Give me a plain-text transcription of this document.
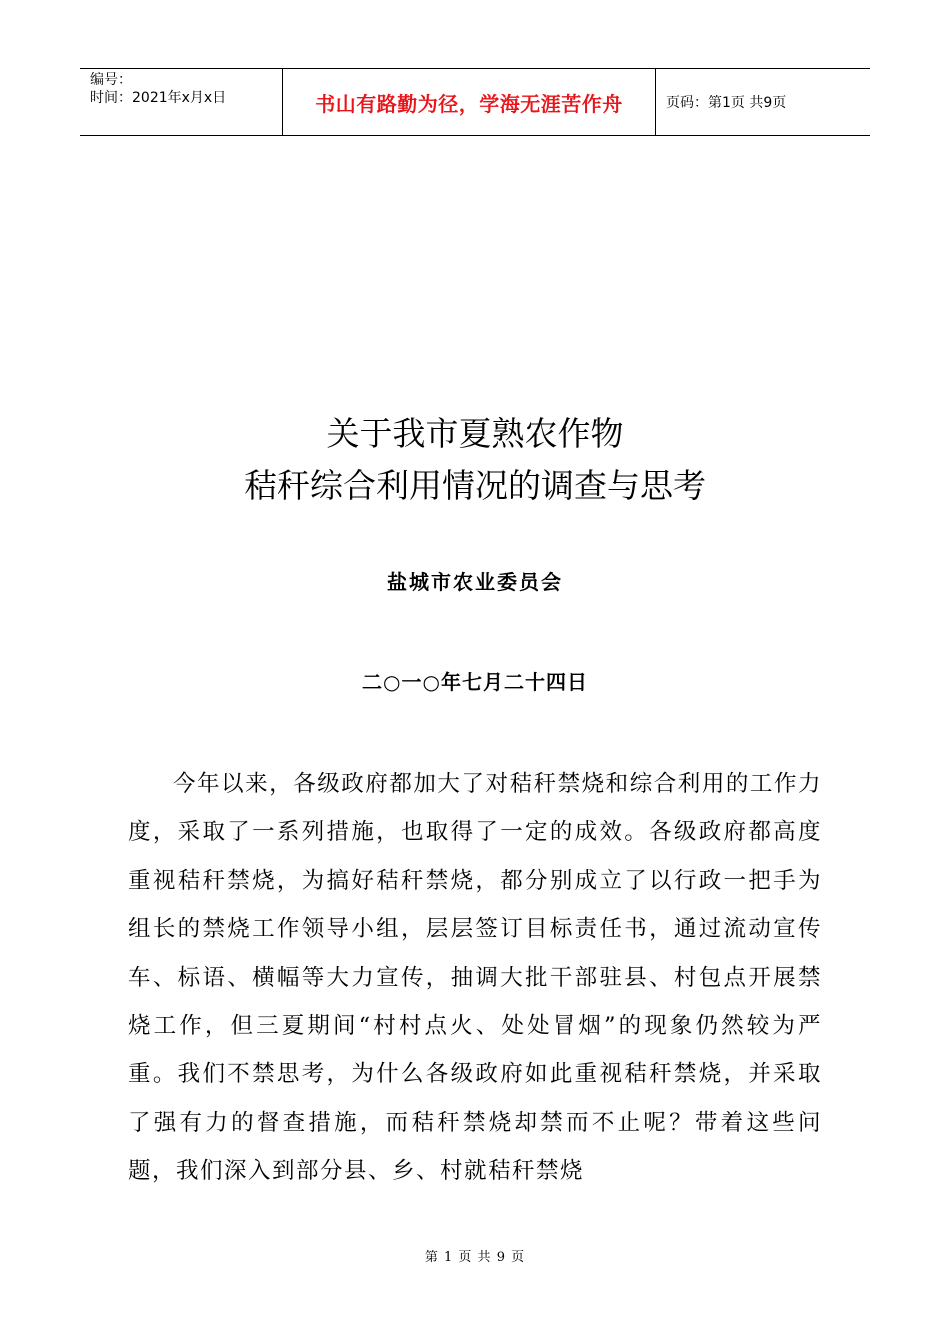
编号：
时间：2021年x月x日	书山有路勤为径，学海无涯苦作舟	页码：第1页 共9页
关于我市夏熟农作物
秸秆综合利用情况的调查与思考
盐城市农业委员会
二○一○年七月二十四日

今年以来，各级政府都加大了对秸秆禁烧和综合利用的工作力度，采取了一系列措施，也取得了一定的成效。各级政府都高度重视秸秆禁烧，为搞好秸秆禁烧，都分别成立了以行政一把手为组长的禁烧工作领导小组，层层签订目标责任书，通过流动宣传车、标语、横幅等大力宣传，抽调大批干部驻县、村包点开展禁烧工作，但三夏期间“村村点火、处处冒烟”的现象仍然较为严重。我们不禁思考，为什么各级政府如此重视秸秆禁烧，并采取了强有力的督查措施，而秸秆禁烧却禁而不止呢？带着这些问题，我们深入到部分县、乡、村就秸秆禁烧

第 1 页 共 9 页
